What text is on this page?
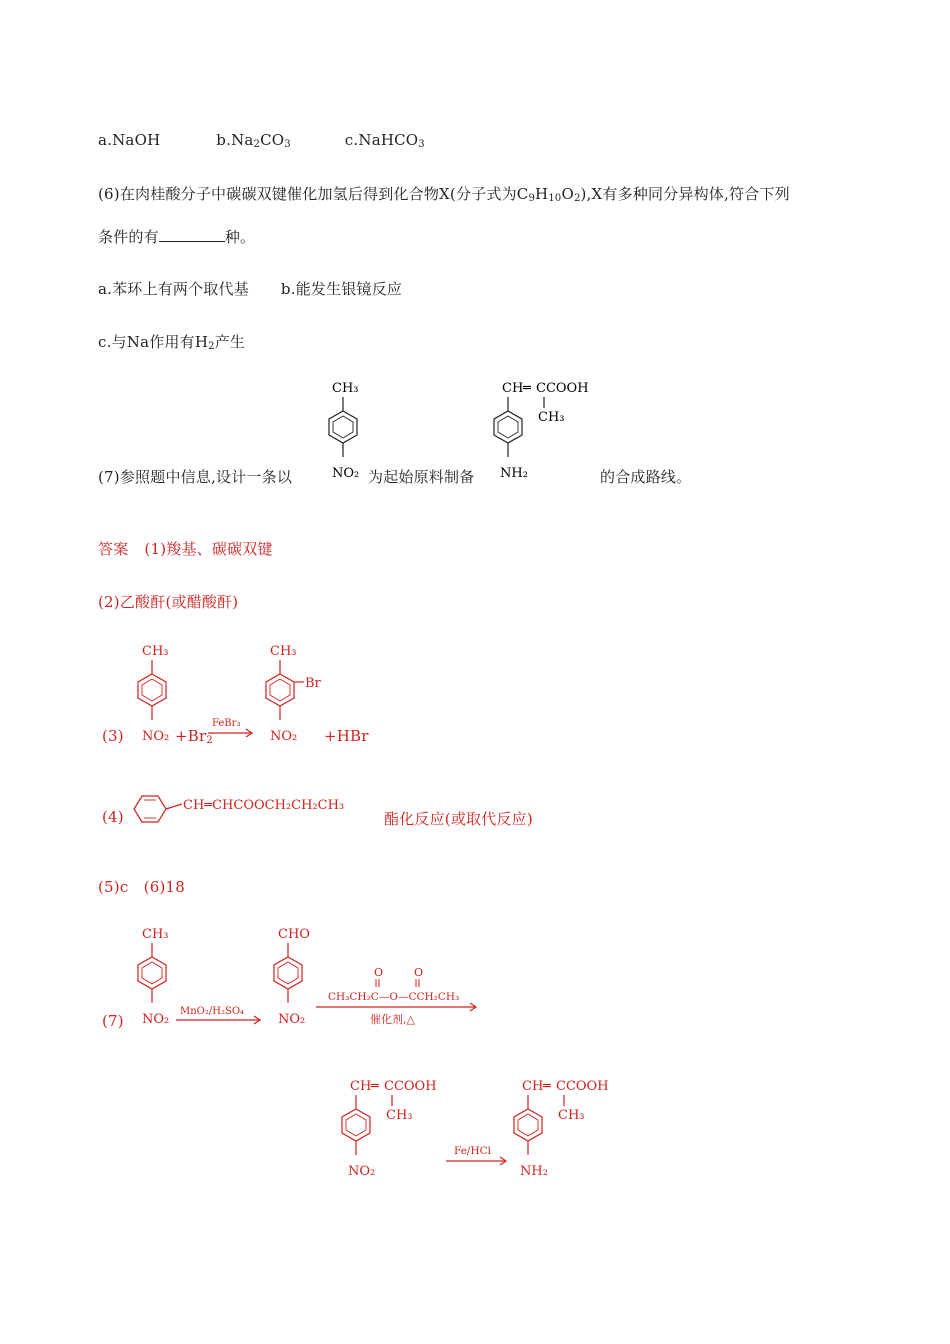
a.NaOH	$b.Na_2CO_3$	c.NaHCO$_3$
(6)在肉桂酸分子中碳碳双键催化加氢后得到化合物X(分子式为$C_9H_{10}O_2),X$有多种同分异构体,符合下列
条件的有	种。
a.苯环上有两个取代基 b.能发生银镜反应
c.与Na作用有$H_2$产生
(7)参照题中信息,设计一条以	为起始原料制备	的合成路线。
CH₃
NO₂
CH ═ CCOOH
CH₃
NH₂
答案 (1)羧基、碳碳双键
(2)乙酸酐(或醋酸酐)
(3)
CH₃
$NO_2 +Br_2$
FeBr₃
CH₃
Br
NO₂ +HBr
(4)
CH═CHCOOCH₂CH₂CH₃
酯化反应(或取代反应)
(5)c　(6)18
(7)
CH₃
NO₂
MnO₂/H₂SO₄
CHO
NO₂
O	O
CH₃CH₂C—O—CCH₂CH₃
催化剂,△
CH ═ CCOOH
CH₃
NO₂
Fe/HCl
CH ═ CCOOH
CH₃
NH₂
